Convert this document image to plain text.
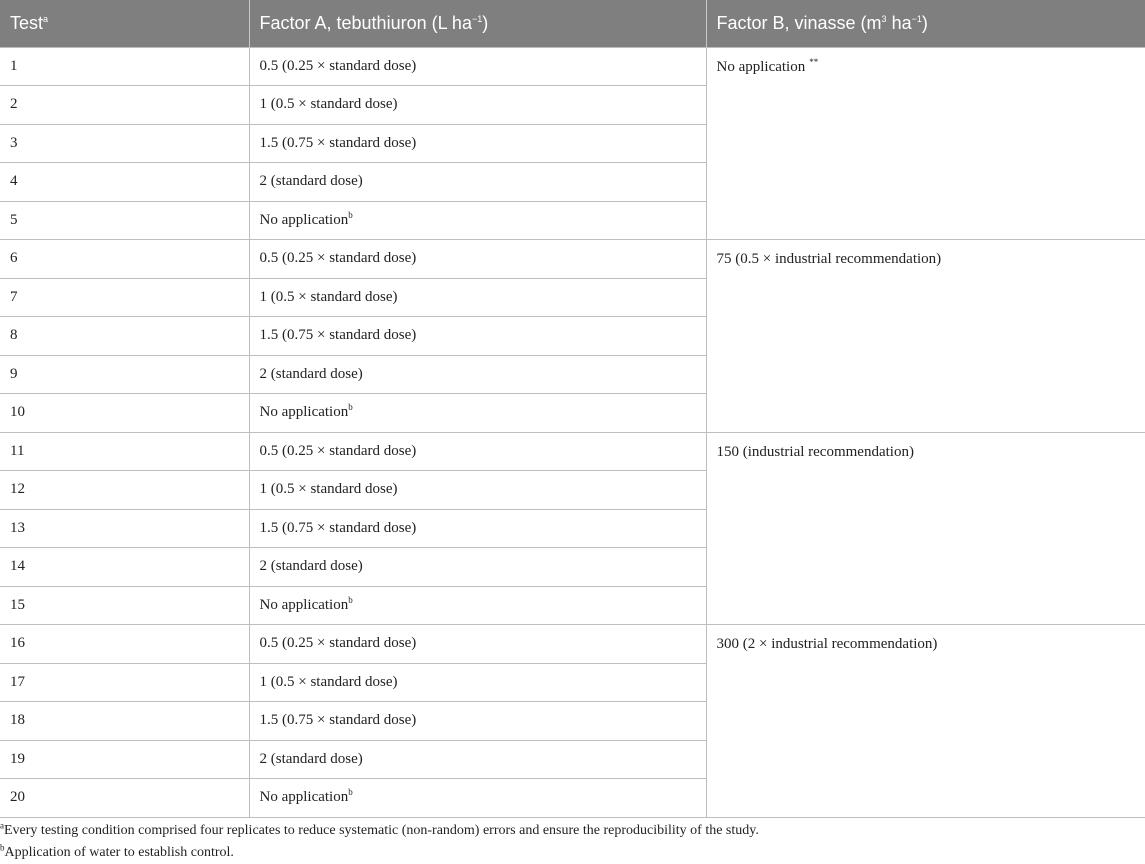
Test$^a$	Factor A, tebuthiuron (L $ha^{-1}$)	Factor B, vinasse ($m^3$ $ha^{-1}$)
1	0.5 (0.25 × standard dose)	No application **
2	1 (0.5 × standard dose)	
3	1.5 (0.75 × standard dose)	
4	2 (standard dose)	
5	No application$^b$
6	0.5 (0.25 × standard dose)	75 (0.5 × industrial recommendation)
7	1 (0.5 × standard dose)	
8	1.5 (0.75 × standard dose)	
9	2 (standard dose)	
10	No application$^b$
11	0.5 (0.25 × standard dose)	150 (industrial recommendation)
12	1 (0.5 × standard dose)	
13	1.5 (0.75 × standard dose)	
14	2 (standard dose)	
15	No application$^b$
16	0.5 (0.25 × standard dose)	300 (2 × industrial recommendation)
17	1 (0.5 × standard dose)	
18	1.5 (0.75 × standard dose)	
19	2 (standard dose)	
20	No application$^b$
$^a$Every testing condition comprised four replicates to reduce systematic (non-random) errors and ensure the reproducibility of the study.
$^b$Application of water to establish control.
